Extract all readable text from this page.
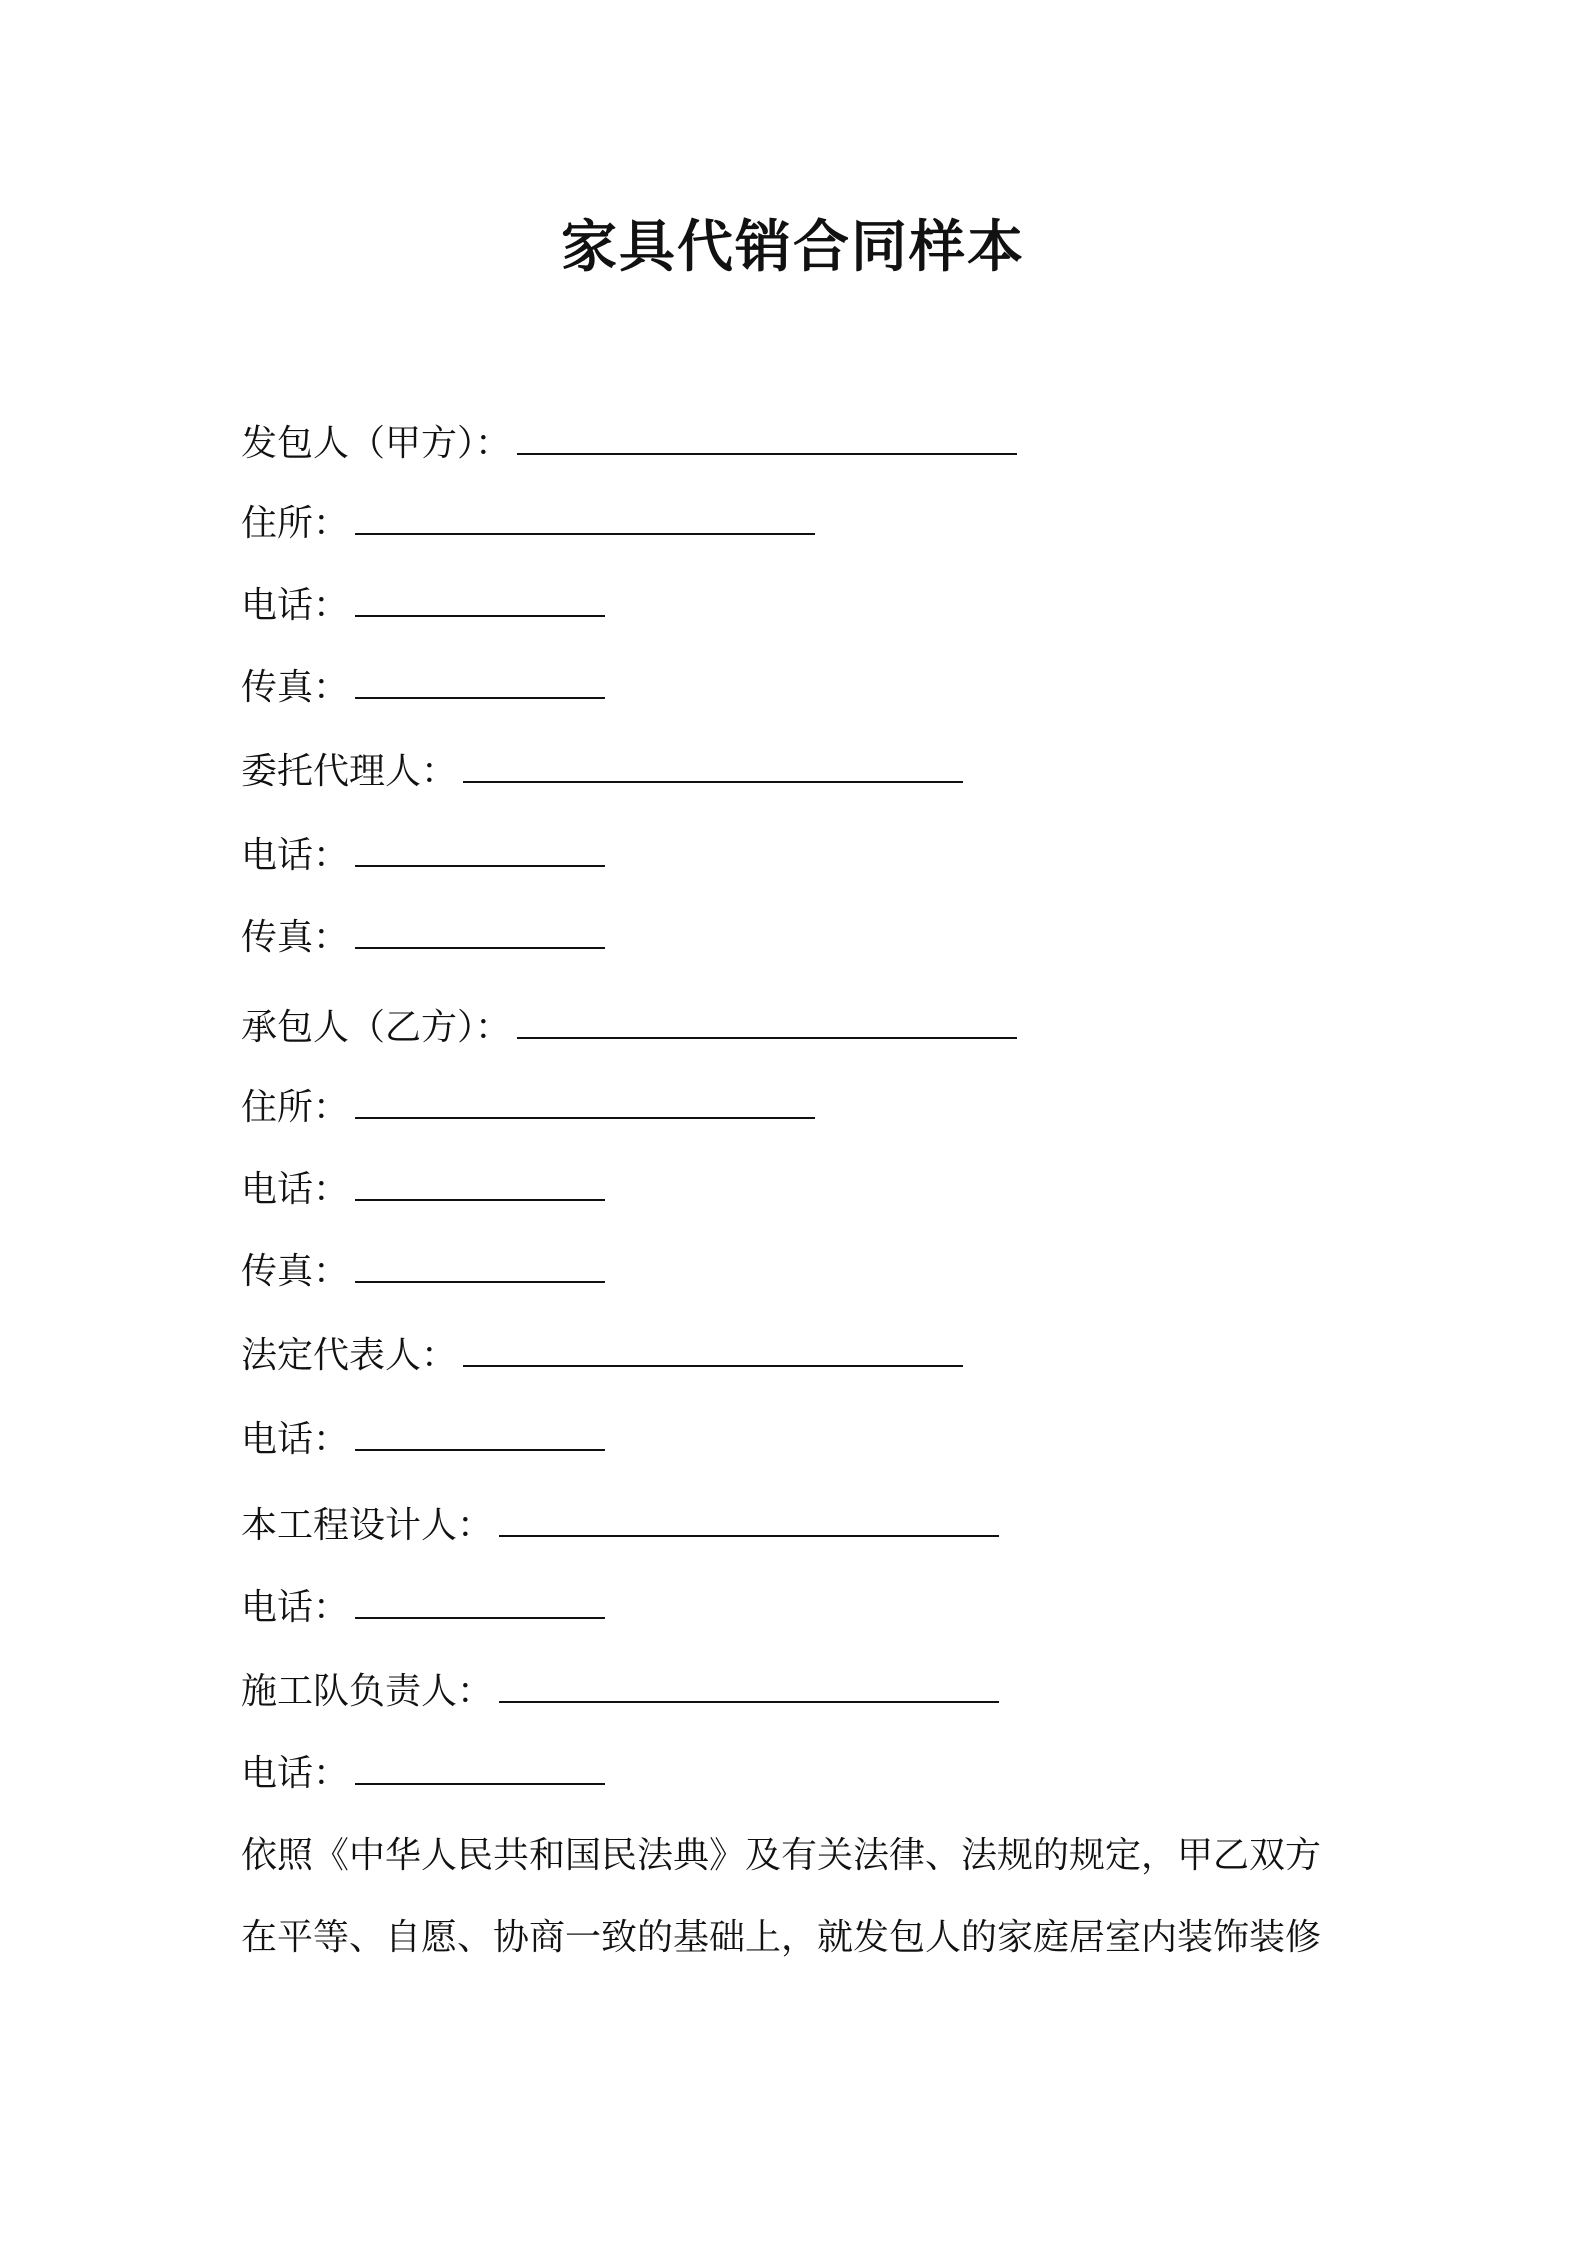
家具代销合同样本
发包人（甲方）：
住所：
电话：
传真：
委托代理人：
电话：
传真：
承包人（乙方）：
住所：
电话：
传真：
法定代表人：
电话：
本工程设计人：
电话：
施工队负责人：
电话：
依照《中华人民共和国民法典》及有关法律、法规的规定，甲乙双方
在平等、自愿、协商一致的基础上，就发包人的家庭居室内装饰装修
